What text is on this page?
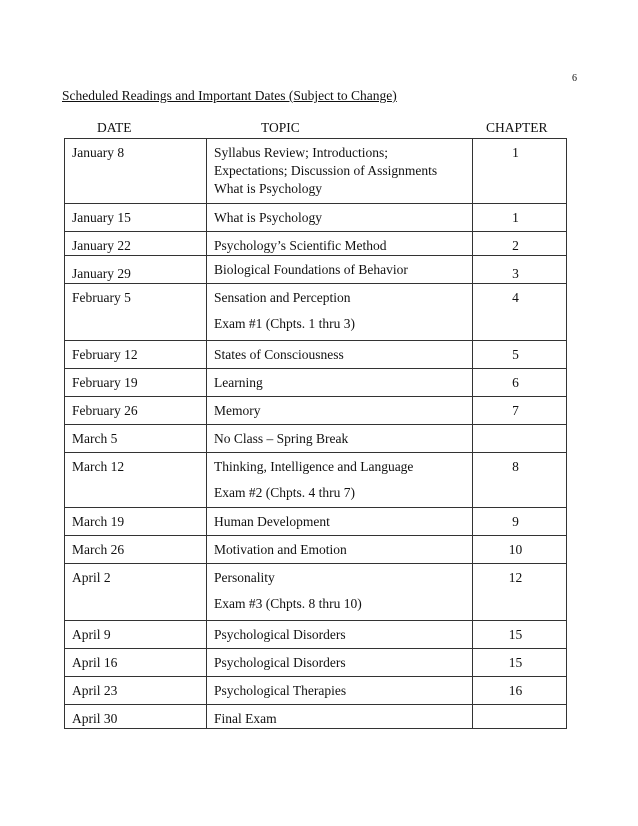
6
Scheduled Readings and Important Dates (Subject to Change)
DATE	TOPIC	CHAPTER
January 8	Syllabus Review; Introductions;
Expectations; Discussion of Assignments
What is Psychology	1
January 15	What is Psychology	1
January 22	Psychology’s Scientific Method	2
January 29	Biological Foundations of Behavior	3
February 5	Sensation and Perception
Exam #1 (Chpts. 1 thru 3)	4
February 12	States of Consciousness	5
February 19	Learning	6
February 26	Memory	7
March 5	No Class – Spring Break	

March 12	Thinking, Intelligence and Language
Exam #2 (Chpts. 4 thru 7)	8
March 19	Human Development	9
March 26	Motivation and Emotion	10
April 2	Personality
Exam #3 (Chpts. 8 thru 10)	12
April 9	Psychological Disorders	15
April 16	Psychological Disorders	15
April 23	Psychological Therapies	16
April 30	Final Exam	
